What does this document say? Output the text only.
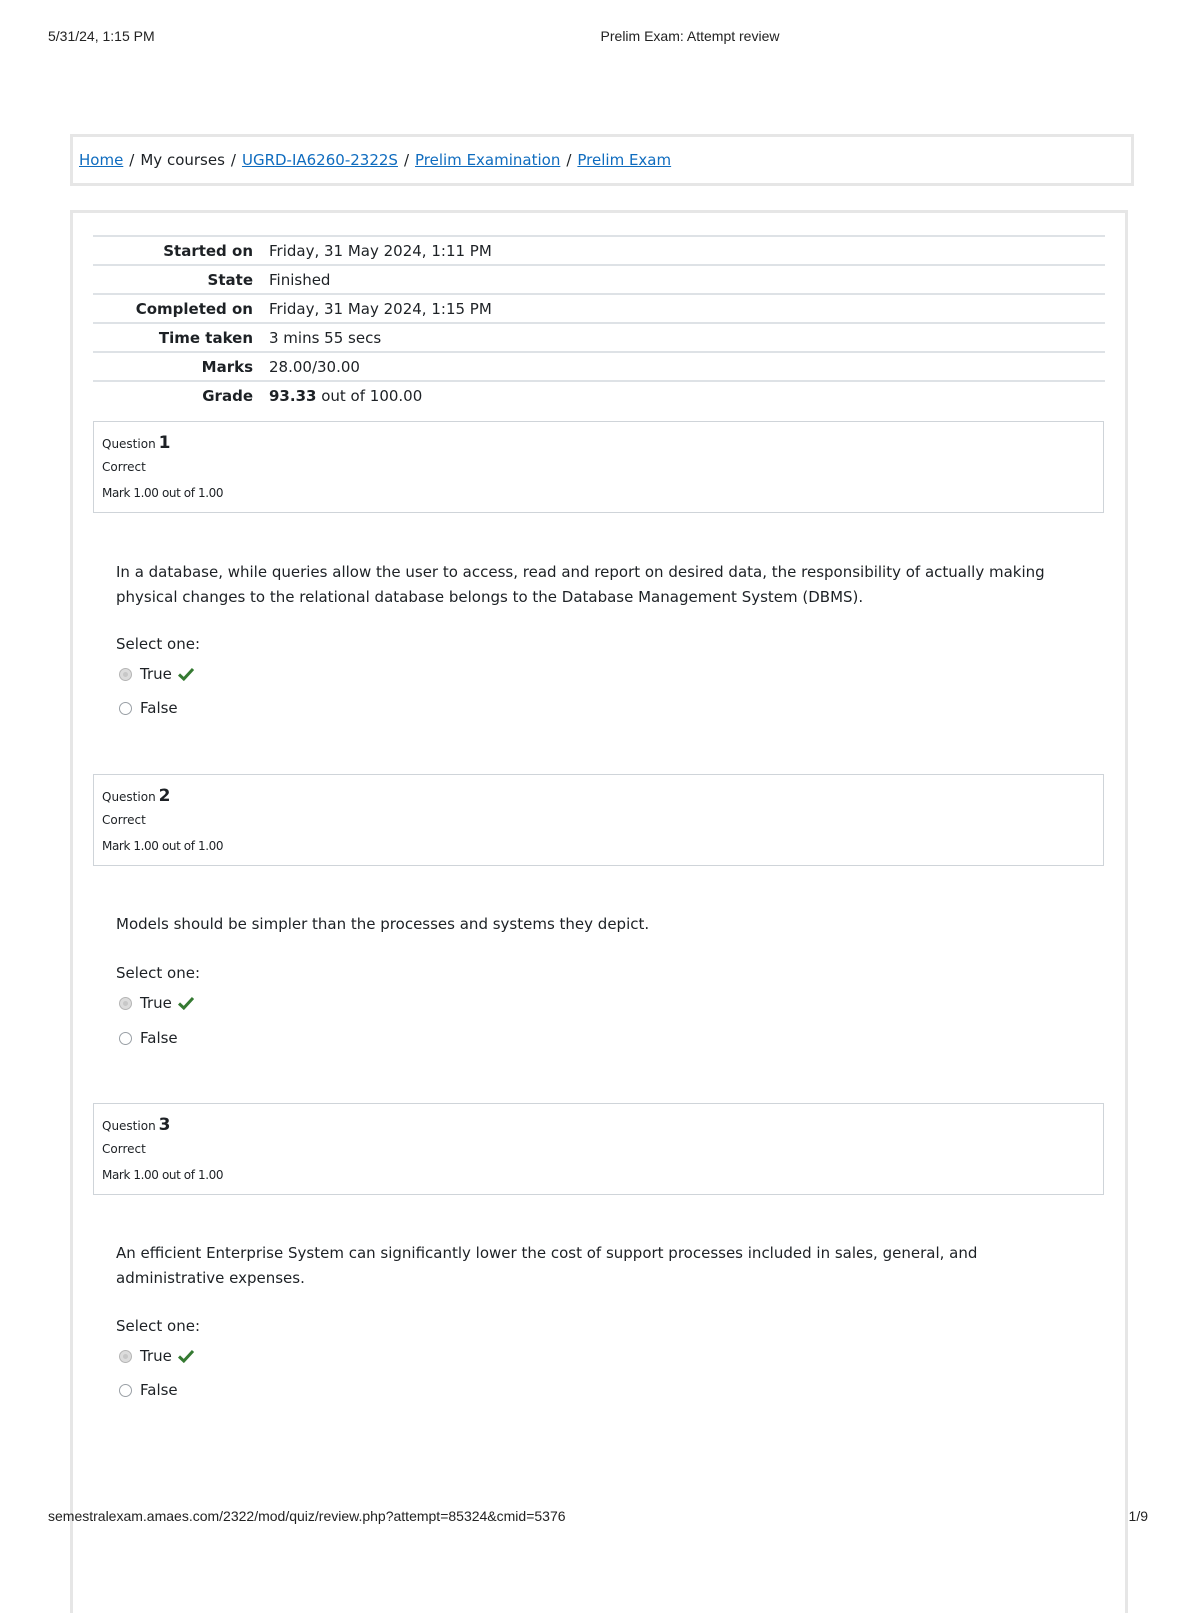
5/31/24, 1:15 PM	Prelim Exam: Attempt review
Home / My courses / UGRD-IA6260-2322S / Prelim Examination / Prelim Exam
Started on	Friday, 31 May 2024, 1:11 PM
State	Finished
Completed on	Friday, 31 May 2024, 1:15 PM
Time taken	3 mins 55 secs
Marks	28.00/30.00
Grade	93.33 out of 100.00
Question 1
Correct
Mark 1.00 out of 1.00
In a database, while queries allow the user to access, read and report on desired data, the responsibility of actually making physical changes to the relational database belongs to the Database Management System (DBMS).
Select one:
True
False
Question 2
Correct
Mark 1.00 out of 1.00
Models should be simpler than the processes and systems they depict.
Select one:
True
False
Question 3
Correct
Mark 1.00 out of 1.00
An efficient Enterprise System can significantly lower the cost of support processes included in sales, general, and administrative expenses.
Select one:
True
False
semestralexam.amaes.com/2322/mod/quiz/review.php?attempt=85324&cmid=5376	1/9
